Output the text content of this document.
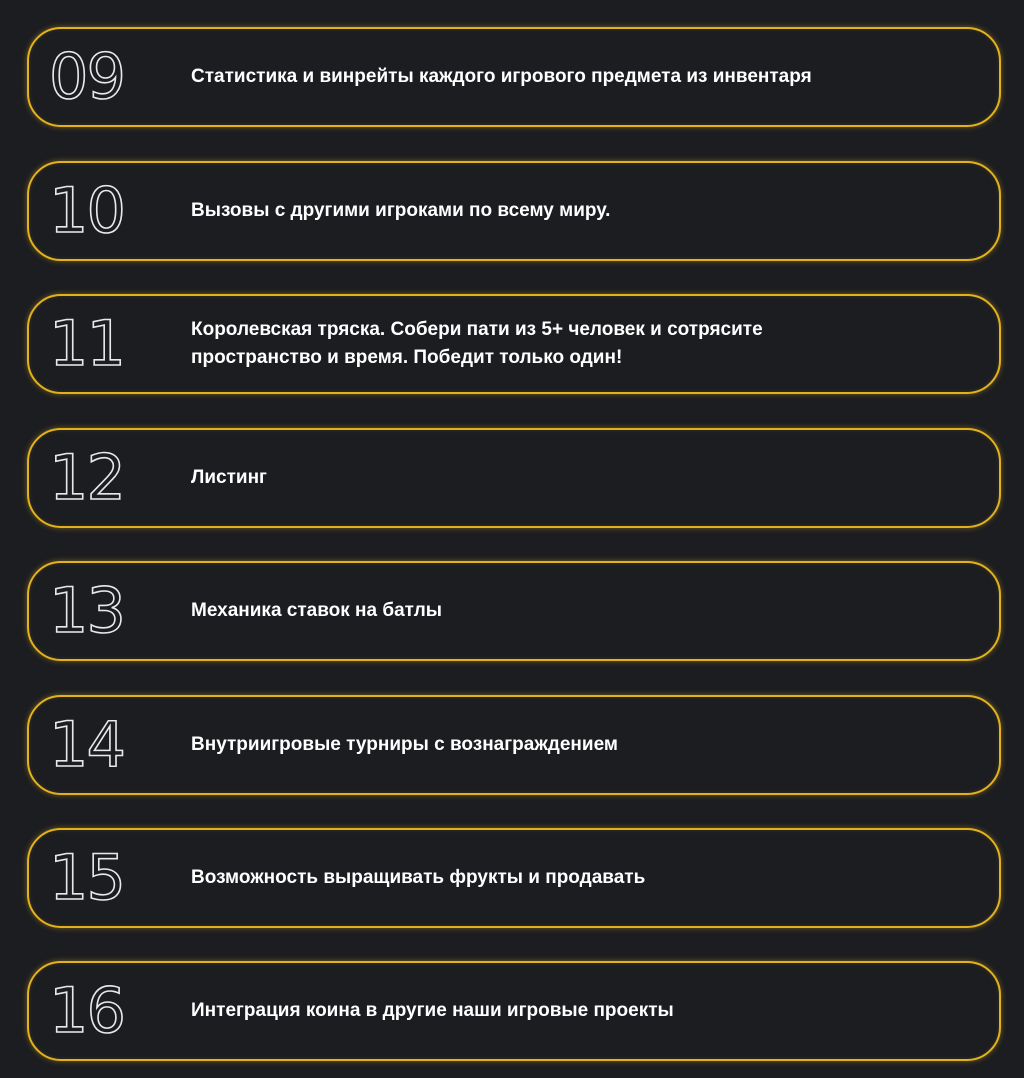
09	Статистика и винрейты каждого игрового предмета из инвентаря
10	Вызовы с другими игроками по всему миру.
11	Королевская тряска. Собери пати из 5+ человек и сотрясите пространство и время. Победит только один!
12	Листинг
13	Механика ставок на батлы
14	Внутриигровые турниры с вознаграждением
15	Возможность выращивать фрукты и продавать
16	Интеграция коина в другие наши игровые проекты
